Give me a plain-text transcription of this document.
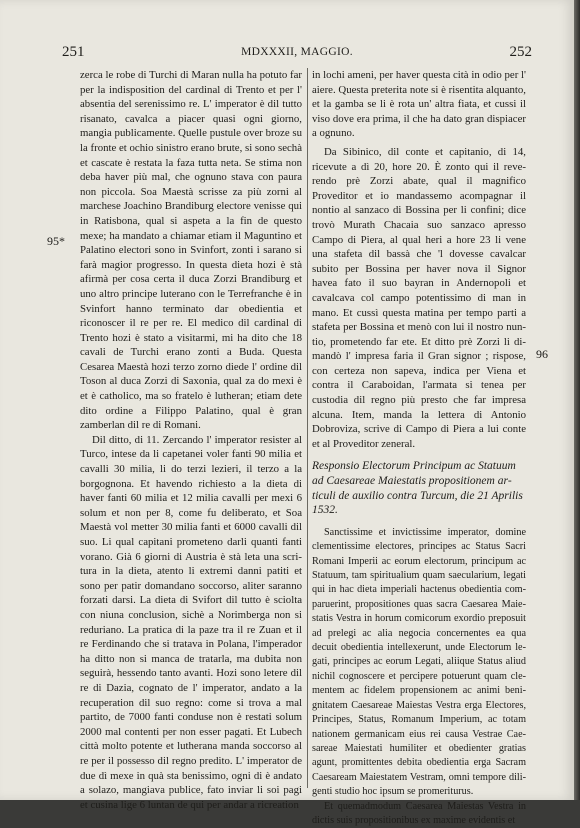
251	MDXXXII, MAGGIO.	252
95*
96

zerca le robe di Turchi di Maran nulla ha potuto far per la indisposition del cardinal di Trento et per l' absentia del serenissimo re. L' imperator è dil tutto risanato, cavalca a piacer quasi ogni giorno, mangia publicamente. Quelle pustule over broze su la fronte et ochio sinistro erano brute, si sono sechà et cascate è restata la faza tutta neta. Se stima non deba haver più mal, che ognuno stava con paura non piccola. Soa Maestà scrisse za più zorni al marchese Joachino Brandiburg electore venisse qui in Ratisbona, qual si aspeta a la fin de questo mexe; ha mandato a chiamar etiam il Maguntino et Palatino electori sono in Svinfort, zonti i sarano si farà magior progresso. In questa dieta hozi è stà afirmà per cosa certa il duca Zorzi Brandiburg et uno altro principe luterano con le Terrefranche è in Svinfort hanno terminato dar obedientia et riconoscer il re per re. El medico dil cardinal di Trento hozi è stato a visitarmi, mi ha dito che 18 cavali de Turchi erano zonti a Buda. Questa Cesarea Maestà hozi terzo zorno diede l' ordine dil Toson al duca Zorzi di Saxonia, qual za do mexi è et è catholico, ma so fratelo è lutheran; etiam dete dito ordine a Filippo Palatino, qual è gran zamberlan dil re di Romani.

Dil ditto, di 11. Zercando l' imperator resister al Turco, intese da li capetanei voler fanti 90 milia et cavalli 30 milia, li do terzi lezieri, il terzo a la borgognona. Et havendo richiesto a la dieta di haver fanti 60 milia et 12 milia cavalli per mexi 6 solum et non per 8, come fu deliberato, et Soa Maestà vol metter 30 milia fanti et 6000 cavalli dil suo. Li qual capitani prometeno darli quanti fanti vorano. Già 6 giorni di Austria è stà leta una scritura in la dieta, atento li extremi danni patiti et sono per patir domandano soccorso, aliter saranno forzati darsi. La dieta di Svifort dil tutto è sciolta con niuna conclusion, sichè a Norimberga non si reduriano. La pratica di la paze tra il re Zuan et il re Ferdinando che si tratava in Polana, l'imperador ha ditto non si manca de tratarla, ma dubita non seguirà, hessendo tanto avanti. Hozi sono letere dil re di Dazia, cognato de l' imperator, andato a la recuperation dil suo regno: come si trova a mal partito, de 7000 fanti conduse non è restati solum 2000 mal contenti per non esser pagati. Et Lubech città molto potente et lutherana manda soccorso al re per il possesso dil regno predito. L' imperator de due dì mexe in quà sta benissimo, ogni di è andato a solazo, mangiava publice, fato inviar li soi pagi et cusina lige 6 luntan de qui per andar a ricreation

in lochi ameni, per haver questa cità in odio per l' aiere. Questa preterita note si è risentita alquanto, et la gamba se li è rota un' altra fiata, et cussi il viso dove era prima, il che ha dato gran dispiacer a ognuno.

Da Sibinico, dil conte et capitanio, di 14, ricevute a dì 20, hore 20. È zonto qui il reverendo prè Zorzi abate, qual il magnifico Proveditor et io mandassemo acompagnar il nontio al sanzaco di Bossina per li confini; dice trovò Murath Chacaia suo sanzaco apresso Campo di Piera, al qual heri a hore 23 li vene una stafeta dil bassà che 'l dovesse cavalcar subito per Bossina per haver nova il Signor havea fato il suo bayran in Andernopoli et cavalcava col campo potentissimo di man in mano. Et cussì questa matina per tempo parti a stafeta per Bossina et menò con lui il nostro nuntio, prometendo far ete. Et ditto prè Zorzi li dimandò l' impresa faria il Gran signor ; rispose, con certeza non sapeva, indica per Viena et contra il Caraboidan, l'armata si tenea per custodia dil regno più presto che far impresa alcuna. Item, manda la lettera di Antonio Dobroviza, scrive di Campo di Piera a lui conte et al Proveditor zeneral.

Responsio Electorum Principum ac Statuum ad Caesareae Maiestatis propositionem articuli de auxilio contra Turcum, die 21 Aprilis 1532.

Sanctissime et invictissime imperator, domine clementissime electores, principes ac Status Sacri Romani Imperii ac eorum electorum, principum ac Statuum, tam spiritualium quam saecularium, legati qui in hac dieta imperiali hactenus obedientia comparuerint, propositiones quas sacra Caesarea Maiestatis Vestra in horum comicorum exordio preposuit ad prelegi ac alia negocia concernentes ea qua decuit obedientia intellexerunt, unde Electorum legati, principes ac eorum Legati, aliique Status aliud nichil cognoscere et percipere potuerunt quam clementem ac fidelem propensionem ac animi benignitatem Caesareae Maiestas Vestra erga Electores, Principes, Status, Romanum Imperium, ac totam nationem germanicam eius rei causa Vestrae Caesareae Maiestati humiliter et obedienter gratias agunt, promittentes debita obedientia erga Sacram Caesaream Maiestatem Vestram, omni tempore diligenti studio hoc ipsum se promeriturus.

Et quemadmodum Caesarea Maiestas Vestra in dictis suis propositionibus ex maxime evidentis et
